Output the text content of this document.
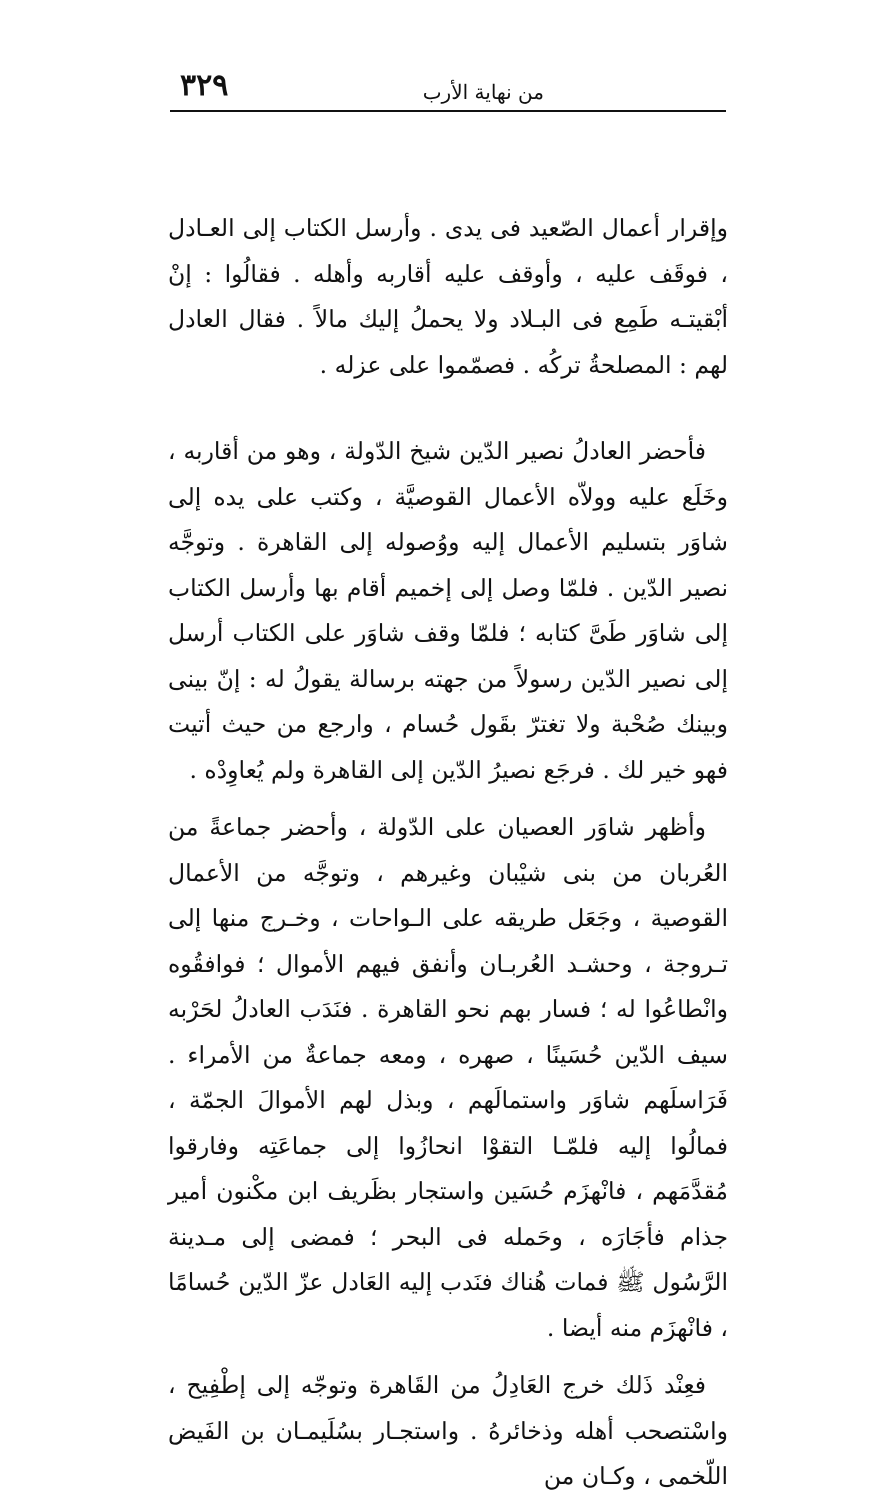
من نهاية الأرب
٣٢٩

وإقرار أعمال الصّعيد فى يدى . وأرسل الكتاب إلى العـادل ، فوقَف عليه ، وأوقف عليه أقاربه وأهله . فقالُوا : إنْ أبْقيتـه طَمِع فى البـلاد ولا يحملُ إليك مالاً . فقال العادل لهم : المصلحةُ تركُه . فصمّموا على عزله .

فأحضر العادلُ نصير الدّين شيخ الدّولة ، وهو من أقاربه ، وخَلَع عليه وولاّه الأعمال القوصيَّة ، وكتب على يده إلى شاوَر بتسليم الأعمال إليه ووُصوله إلى القاهرة . وتوجَّه نصير الدّين . فلمّا وصل إلى إخميم أقام بها وأرسل الكتاب إلى شاوَر طَىَّ كتابه ؛ فلمّا وقف شاوَر على الكتاب أرسل إلى نصير الدّين رسولاً من جهته برسالة يقولُ له : إنّ بينى وبينك صُحْبة ولا تغترّ بقَول حُسام ، وارجع من حيث أتيت فهو خير لك . فرجَع نصيرُ الدّين إلى القاهرة ولم يُعاوِدْه .

وأظهر شاوَر العصيان على الدّولة ، وأحضر جماعةً من العُربان من بنى شيْبان وغيرهم ، وتوجَّه من الأعمال القوصية ، وجَعَل طريقه على الـواحات ، وخـرج منها إلى تـروجة ، وحشـد العُربـان وأنفق فيهم الأموال ؛ فوافقُوه وانْطاعُوا له ؛ فسار بهم نحو القاهرة . فنَدَب العادلُ لحَرْبه سيف الدّين حُسَينًا ، صهره ، ومعه جماعةٌ من الأمراء . فَرَاسلَهم شاوَر واستمالَهم ، وبذل لهم الأموالَ الجمّة ، فمالُوا إليه فلمّـا التقوْا انحازُوا إلى جماعَتِه وفارقوا مُقدَّمَهم ، فانْهزَم حُسَين واستجار بظَريف ابن مكْنون أمير جذام فأجَارَه ، وحَمله فى البحر ؛ فمضى إلى مـدينة الرَّسُول ﷺ فمات هُناك فنَدب إليه العَادل عزّ الدّين حُسامًا ، فانْهزَم منه أيضا .

فعِنْد ذَلك خرج العَادِلُ من القَاهرة وتوجّه إلى إطْفِيح ، واسْتصحب أهله وذخائرهُ . واستجـار بسُلَيمـان بن الفَيض اللّخمى ، وكـان من
